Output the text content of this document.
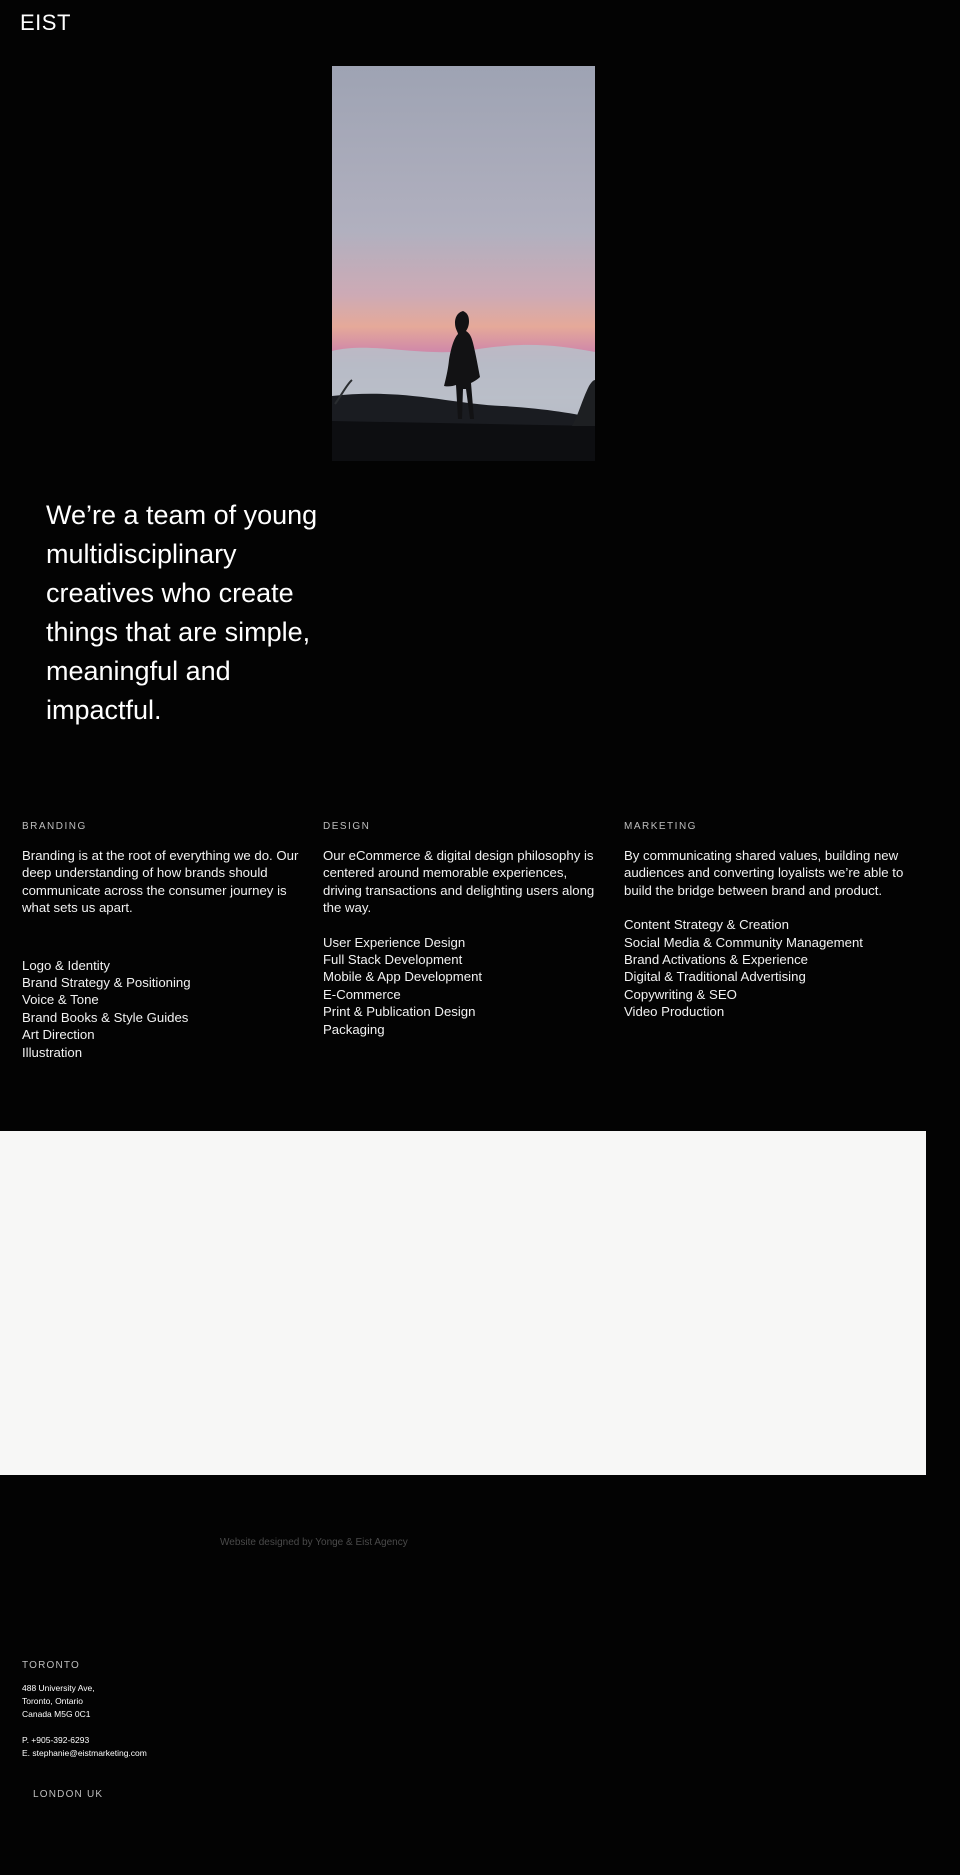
EIST
We’re a team of young
multidisciplinary
creatives who create
things that are simple,
meaningful and
impactful.
BRANDING

Branding is at the root of everything we do. Our deep understanding of how brands should communicate across the consumer journey is what sets us apart.

Logo & Identity
Brand Strategy & Positioning
Voice & Tone
Brand Books & Style Guides
Art Direction
Illustration
DESIGN

Our eCommerce & digital design philosophy is centered around memorable experiences, driving transactions and delighting users along the way.

User Experience Design
Full Stack Development
Mobile & App Development
E-Commerce
Print & Publication Design
Packaging
MARKETING

By communicating shared values, building new audiences and converting loyalists we’re able to build the bridge between brand and product.

Content Strategy & Creation
Social Media & Community Management
Brand Activations & Experience
Digital & Traditional Advertising
Copywriting & SEO
Video Production
Website designed by Yonge & Eist Agency
TORONTO
488 University Ave,
Toronto, Ontario
Canada M5G 0C1
P. +905-392-6293
E. stephanie@eistmarketing.com
LONDON UK
